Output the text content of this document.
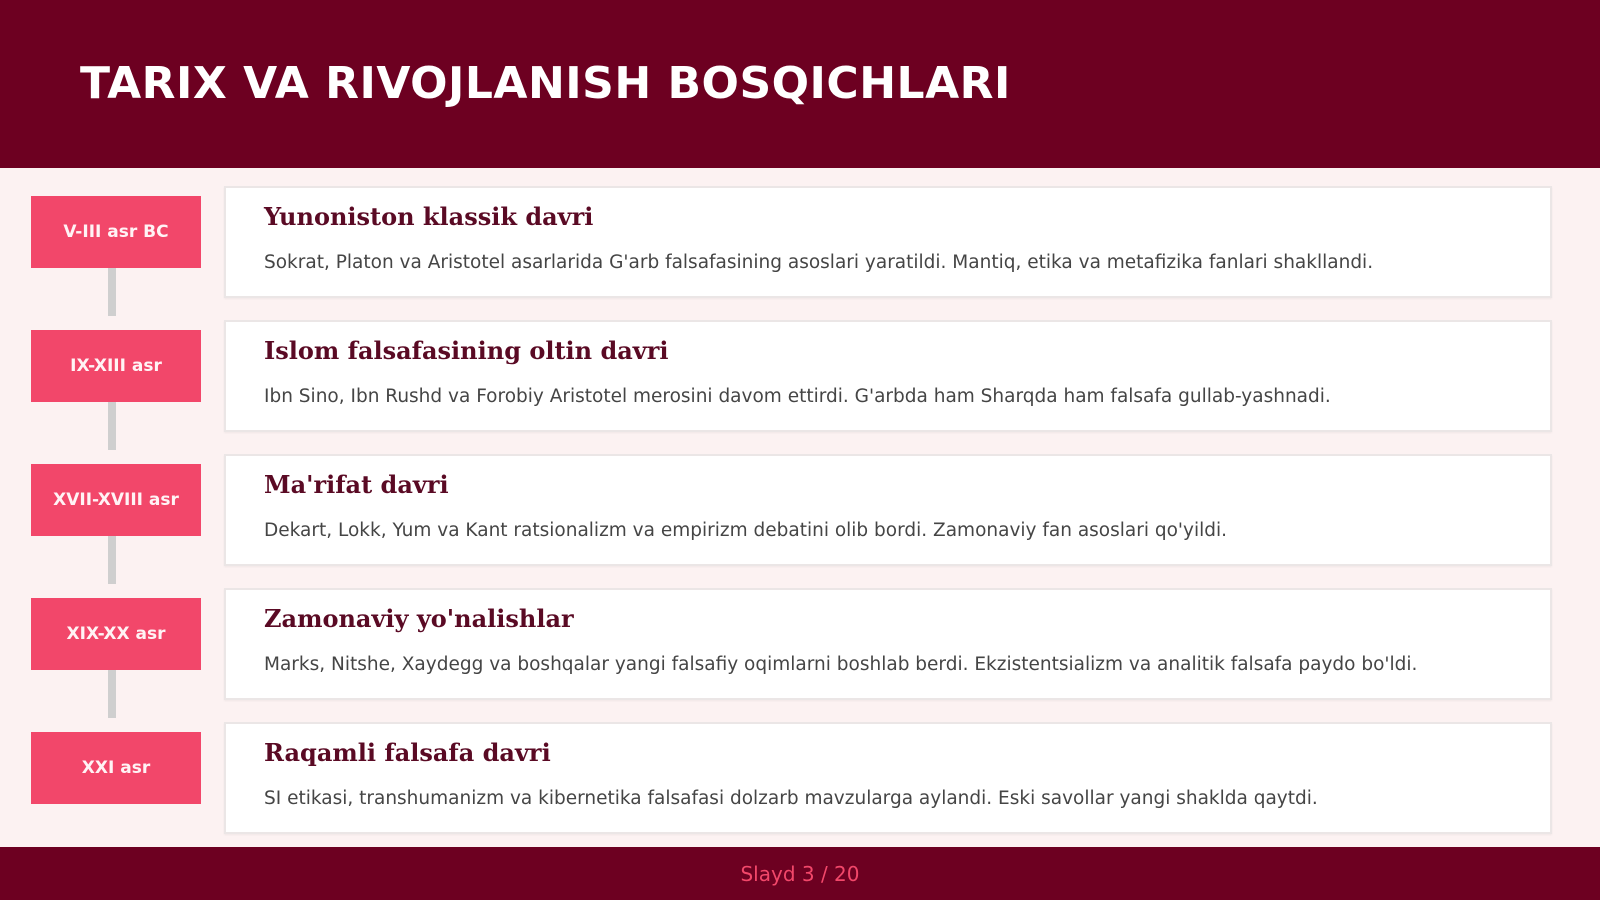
TARIX VA RIVOJLANISH BOSQICHLARI
V-III asr BC
Yunoniston klassik davri
Sokrat, Platon va Aristotel asarlarida G'arb falsafasining asoslari yaratildi. Mantiq, etika va metafizika fanlari shakllandi.
IX-XIII asr
Islom falsafasining oltin davri
Ibn Sino, Ibn Rushd va Forobiy Aristotel merosini davom ettirdi. G'arbda ham Sharqda ham falsafa gullab-yashnadi.
XVII-XVIII asr
Ma'rifat davri
Dekart, Lokk, Yum va Kant ratsionalizm va empirizm debatini olib bordi. Zamonaviy fan asoslari qo'yildi.
XIX-XX asr
Zamonaviy yo'nalishlar
Marks, Nitshe, Xaydegg va boshqalar yangi falsafiy oqimlarni boshlab berdi. Ekzistentsializm va analitik falsafa paydo bo'ldi.
XXI asr
Raqamli falsafa davri
SI etikasi, transhumanizm va kibernetika falsafasi dolzarb mavzularga aylandi. Eski savollar yangi shaklda qaytdi.
Slayd 3 / 20
